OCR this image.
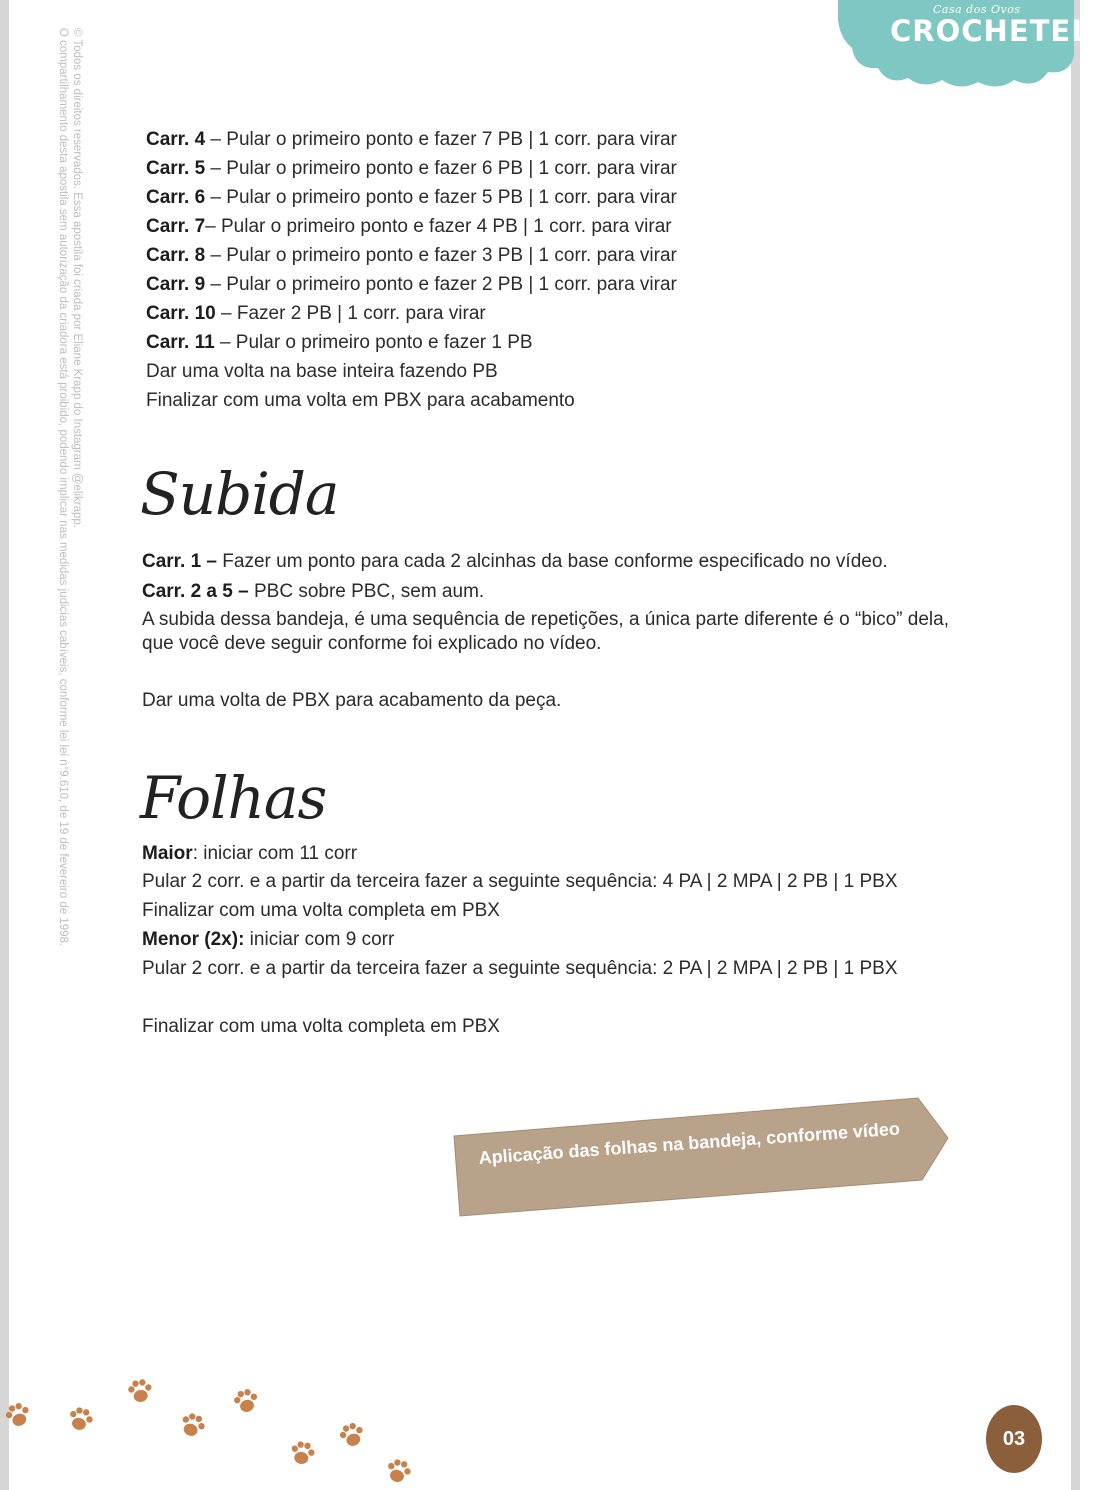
© Todos os direitos reservados. Essa apostila foi criada por Eliane Krapp do Instagram @elikrapp.
O compartilhamento desta apostila sem autorização da criadora está proibido, podendo implicar nas medidas judicias cabíveis, conforme lei lei n°9.610, de 19 de fevereiro de 1998.
Casa dos Ovos
CROCHETELÍ
Carr. 4 – Pular o primeiro ponto e fazer 7 PB | 1 corr. para virar
Carr. 5 – Pular o primeiro ponto e fazer 6 PB | 1 corr. para virar
Carr. 6 – Pular o primeiro ponto e fazer 5 PB | 1 corr. para virar
Carr. 7– Pular o primeiro ponto e fazer 4 PB | 1 corr. para virar
Carr. 8 – Pular o primeiro ponto e fazer 3 PB | 1 corr. para virar
Carr. 9 – Pular o primeiro ponto e fazer 2 PB | 1 corr. para virar
Carr. 10 – Fazer 2 PB | 1 corr. para virar
Carr. 11 – Pular o primeiro ponto e fazer 1 PB
Dar uma volta na base inteira fazendo PB
Finalizar com uma volta em PBX para acabamento
Subida
Carr. 1 – Fazer um ponto para cada 2 alcinhas da base conforme especificado no vídeo.
Carr. 2 a 5 – PBC sobre PBC, sem aum.
A subida dessa bandeja, é uma sequência de repetições, a única parte diferente é o “bico” dela,
que você deve seguir conforme foi explicado no vídeo.
Dar uma volta de PBX para acabamento da peça.
Folhas
Maior: iniciar com 11 corr
Pular 2 corr. e a partir da terceira fazer a seguinte sequência: 4 PA | 2 MPA | 2 PB | 1 PBX
Finalizar com uma volta completa em PBX
Menor (2x): iniciar com 9 corr
Pular 2 corr. e a partir da terceira fazer a seguinte sequência: 2 PA | 2 MPA | 2 PB | 1 PBX
Finalizar com uma volta completa em PBX
Aplicação das folhas na bandeja, conforme vídeo
03
